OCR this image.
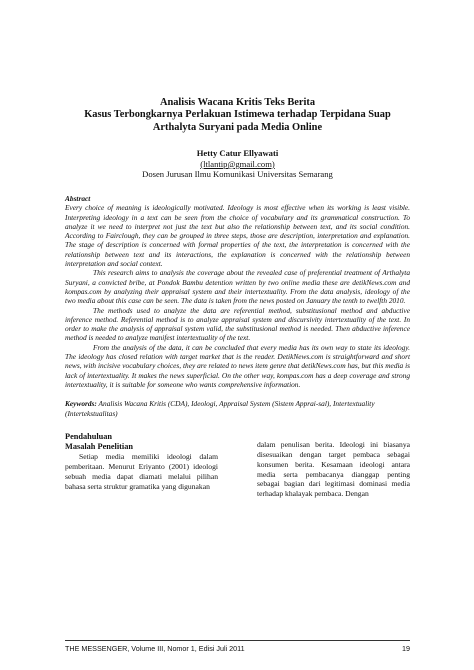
Analisis Wacana Kritis Teks Berita
Kasus Terbongkarnya Perlakuan Istimewa terhadap Terpidana Suap
Arthalyta Suryani pada Media Online
Hetty Catur Ellyawati
(ltlantip@gmail.com)
Dosen Jurusan Ilmu Komunikasi Universitas Semarang
Abstract

Every choice of meaning is ideologically motivated. Ideology is most effective when its working is least visible. Interpreting ideology in a text can be seen from the choice of vocabulary and its grammatical construction. To analyze it we need to interpret not just the text but also the relationship between text, and its social condition. According to Fairclough, they can be grouped in three steps, those are description, interpretation and explanation. The stage of description is concerned with formal properties of the text, the interpretation is concerned with the relationship between text and its interactions, the explanation is concerned with the relationship between interpretation and social context.

This research aims to analysis the coverage about the revealed case of preferential treatment of Arthalyta Suryani, a convicted bribe, at Pondok Bambu detention written by two online media these are detikNews.com and kompas.com by analyzing their appraisal system and their intertextuality. From the data analysis, ideology of the two media about this case can be seen. The data is taken from the news posted on January the tenth to twelfth 2010.

The methods used to analyze the data are referential method, substitusional method and abductive inference method. Referential method is to analyze appraisal system and discursivity intertextuality of the text. In order to make the analysis of appraisal system valid, the substitusional method is needed. Then abductive inference method is needed to analyze manifest intertextuality of the text.

From the analysis of the data, it can be concluded that every media has its own way to state its ideology. The ideology has closed relation with target market that is the reader. DetikNews.com is straightforward and short news, with incisive vocabulary choices, they are related to news item genre that detikNews.com has, but this media is lack of intertextuality. It makes the news superficial. On the other way, kompas.com has a deep coverage and strong intertextuality, it is suitable for someone who wants comprehensive information.

Keywords: Analisis Wacana Kritis (CDA), Ideologi, Appraisal System (Sistem Apprai-sal), Intertextuality (Intertekstualitas)
Pendahuluan
Masalah Penelitian

Setiap media memiliki ideologi dalam pemberitaan. Menurut Eriyanto (2001) ideologi sebuah media dapat diamati melalui pilihan bahasa serta struktur gramatika yang digunakan

dalam penulisan berita. Ideologi ini biasanya disesuaikan dengan target pembaca sebagai konsumen berita. Kesamaan ideologi antara media serta pembacanya dianggap penting sebagai bagian dari legitimasi dominasi media terhadap khalayak pembaca. Dengan

THE MESSENGER, Volume III, Nomor 1, Edisi Juli 2011	19
